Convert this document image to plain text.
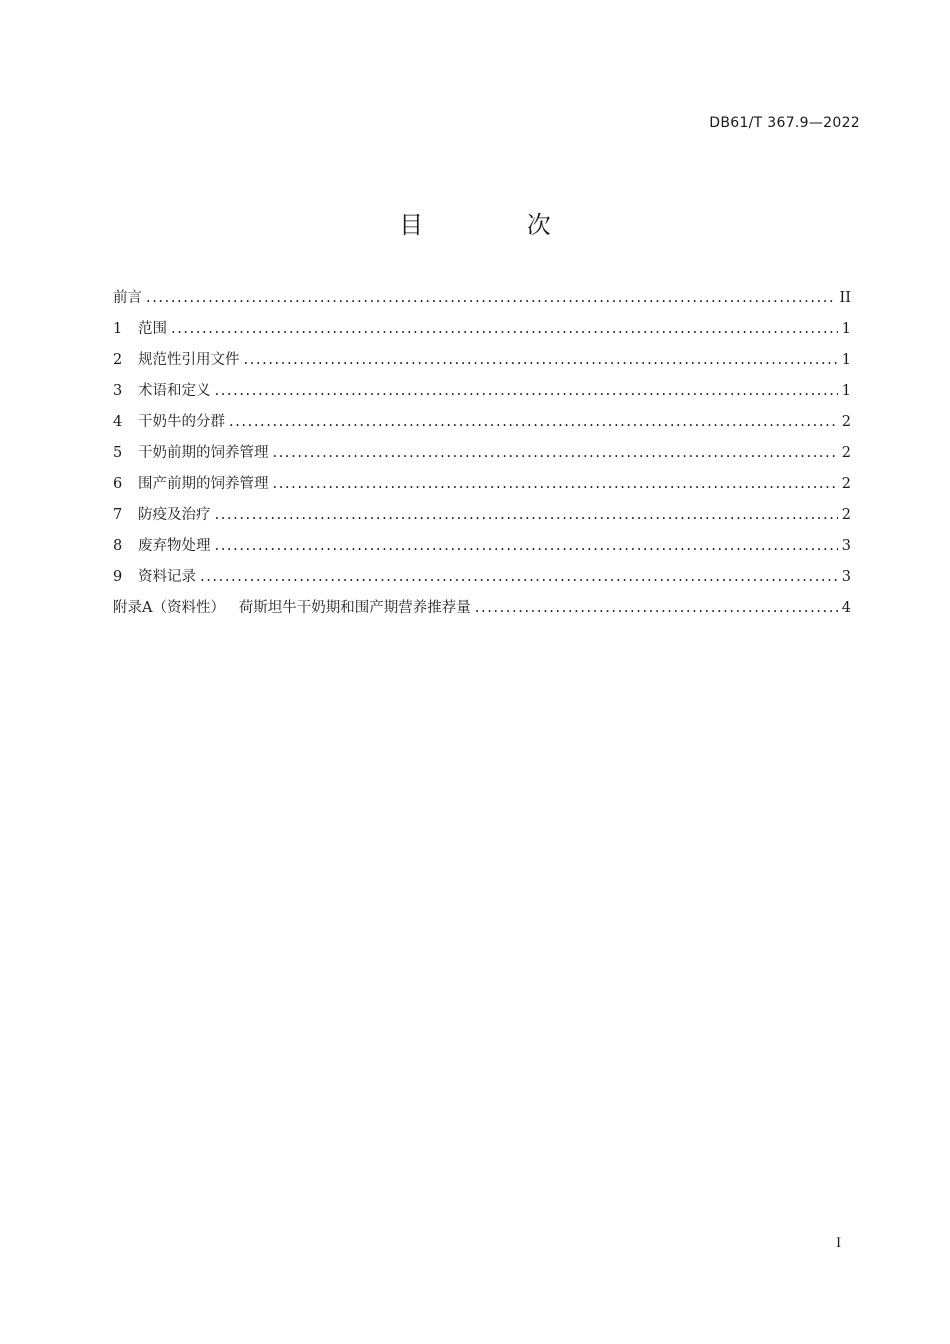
DB61/T 367.9—2022
目 次
前言 .....	II
1	范围 .....	1
2	规范性引用文件 .....	1
3	术语和定义 .....	1
4	干奶牛的分群 .....	2
5	干奶前期的饲养管理 .....	2
6	围产前期的饲养管理 .....	2
7	防疫及治疗 .....	2
8	废弃物处理 .....	3
9	资料记录 .....	3
附录A（资料性）   荷斯坦牛干奶期和围产期营养推荐量 .....	4
I
